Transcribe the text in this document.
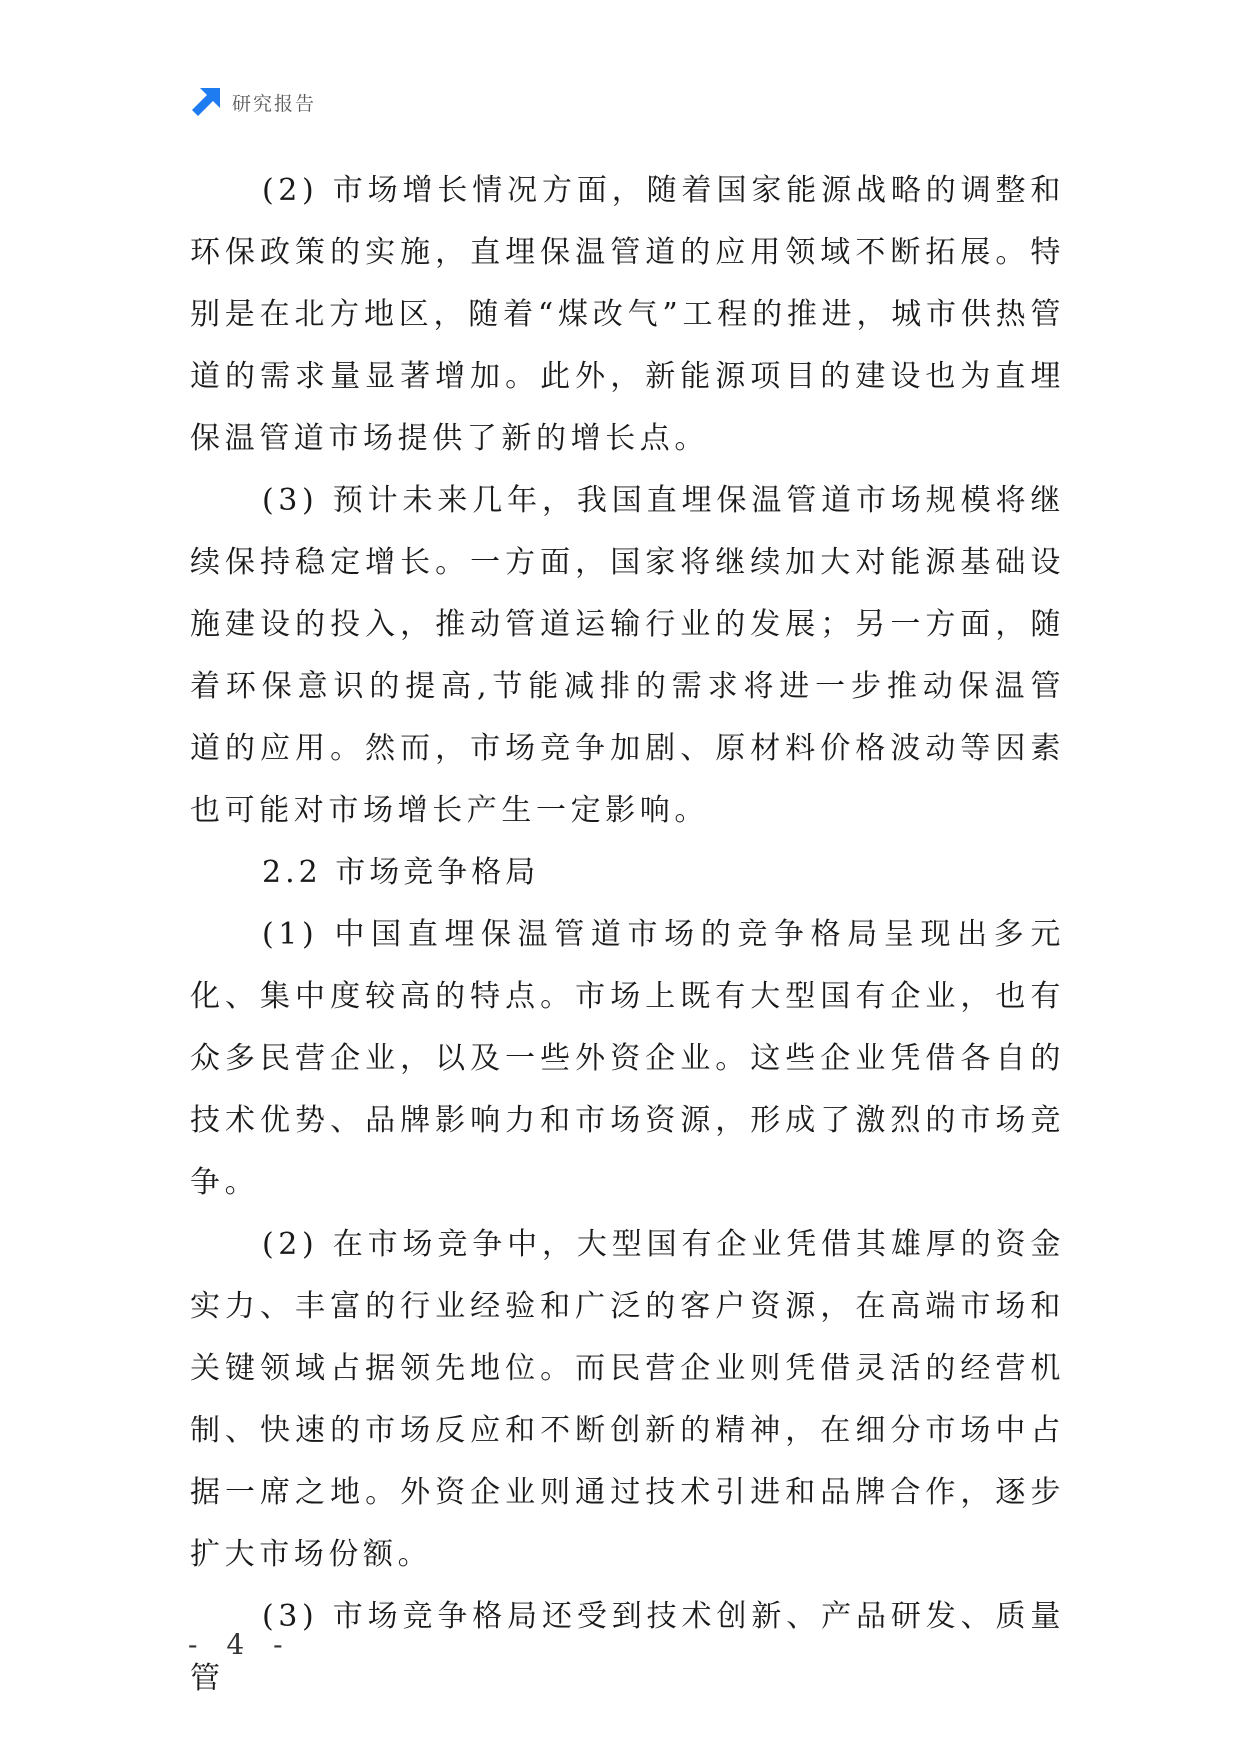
研究报告

(2) 市场增长情况方面，随着国家能源战略的调整和环保政策的实施，直埋保温管道的应用领域不断拓展。特别是在北方地区，随着“煤改气”工程的推进，城市供热管道的需求量显著增加。此外，新能源项目的建设也为直埋保温管道市场提供了新的增长点。

(3) 预计未来几年，我国直埋保温管道市场规模将继续保持稳定增长。一方面，国家将继续加大对能源基础设施建设的投入，推动管道运输行业的发展；另一方面，随着环保意识的提高,节能减排的需求将进一步推动保温管道的应用。然而，市场竞争加剧、原材料价格波动等因素也可能对市场增长产生一定影响。

2.2 市场竞争格局

(1) 中国直埋保温管道市场的竞争格局呈现出多元化、集中度较高的特点。市场上既有大型国有企业，也有众多民营企业，以及一些外资企业。这些企业凭借各自的技术优势、品牌影响力和市场资源，形成了激烈的市场竞争。

(2) 在市场竞争中，大型国有企业凭借其雄厚的资金实力、丰富的行业经验和广泛的客户资源，在高端市场和关键领域占据领先地位。而民营企业则凭借灵活的经营机制、快速的市场反应和不断创新的精神，在细分市场中占据一席之地。外资企业则通过技术引进和品牌合作，逐步扩大市场份额。

(3) 市场竞争格局还受到技术创新、产品研发、质量管

- 4 -
